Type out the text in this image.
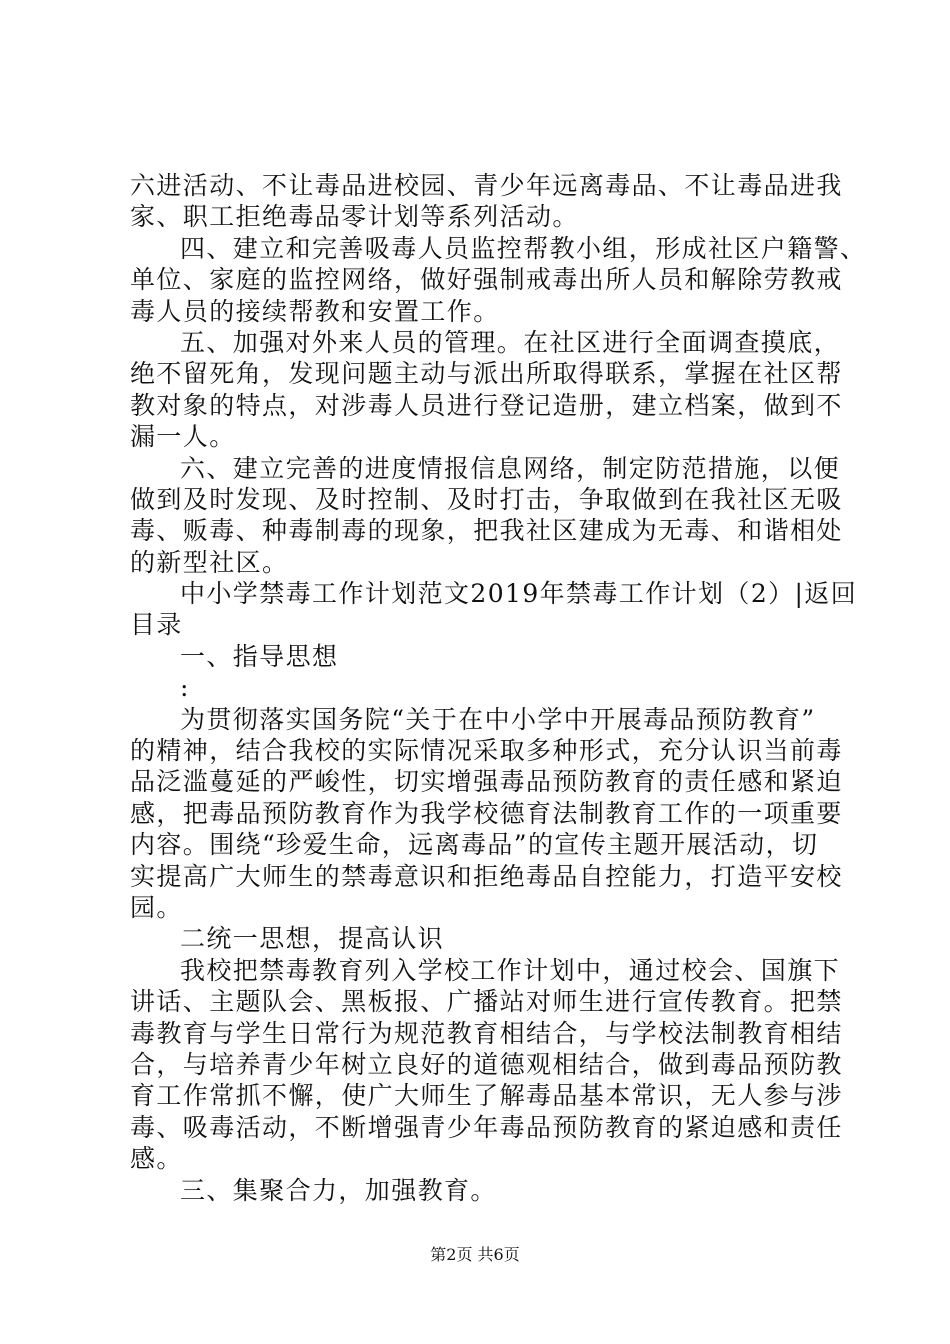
六进活动、不让毒品进校园、青少年远离毒品、不让毒品进我
家、职工拒绝毒品零计划等系列活动。
四、建立和完善吸毒人员监控帮教小组，形成社区户籍警、
单位、家庭的监控网络，做好强制戒毒出所人员和解除劳教戒
毒人员的接续帮教和安置工作。
五、加强对外来人员的管理。在社区进行全面调查摸底，
绝不留死角，发现问题主动与派出所取得联系，掌握在社区帮
教对象的特点，对涉毒人员进行登记造册，建立档案，做到不
漏一人。
六、建立完善的进度情报信息网络，制定防范措施，以便
做到及时发现、及时控制、及时打击，争取做到在我社区无吸
毒、贩毒、种毒制毒的现象，把我社区建成为无毒、和谐相处
的新型社区。
中小学禁毒工作计划范文2019年禁毒工作计划（2）|返回
目录
一、指导思想
:
为贯彻落实国务院“关于在中小学中开展毒品预防教育”
的精神，结合我校的实际情况采取多种形式，充分认识当前毒
品泛滥蔓延的严峻性，切实增强毒品预防教育的责任感和紧迫
感，把毒品预防教育作为我学校德育法制教育工作的一项重要
内容。围绕“珍爱生命，远离毒品”的宣传主题开展活动，切
实提高广大师生的禁毒意识和拒绝毒品自控能力，打造平安校
园。
二统一思想，提高认识
我校把禁毒教育列入学校工作计划中，通过校会、国旗下
讲话、主题队会、黑板报、广播站对师生进行宣传教育。把禁
毒教育与学生日常行为规范教育相结合，与学校法制教育相结
合，与培养青少年树立良好的道德观相结合，做到毒品预防教
育工作常抓不懈，使广大师生了解毒品基本常识，无人参与涉
毒、吸毒活动，不断增强青少年毒品预防教育的紧迫感和责任
感。
三、集聚合力，加强教育。
第2页 共6页
